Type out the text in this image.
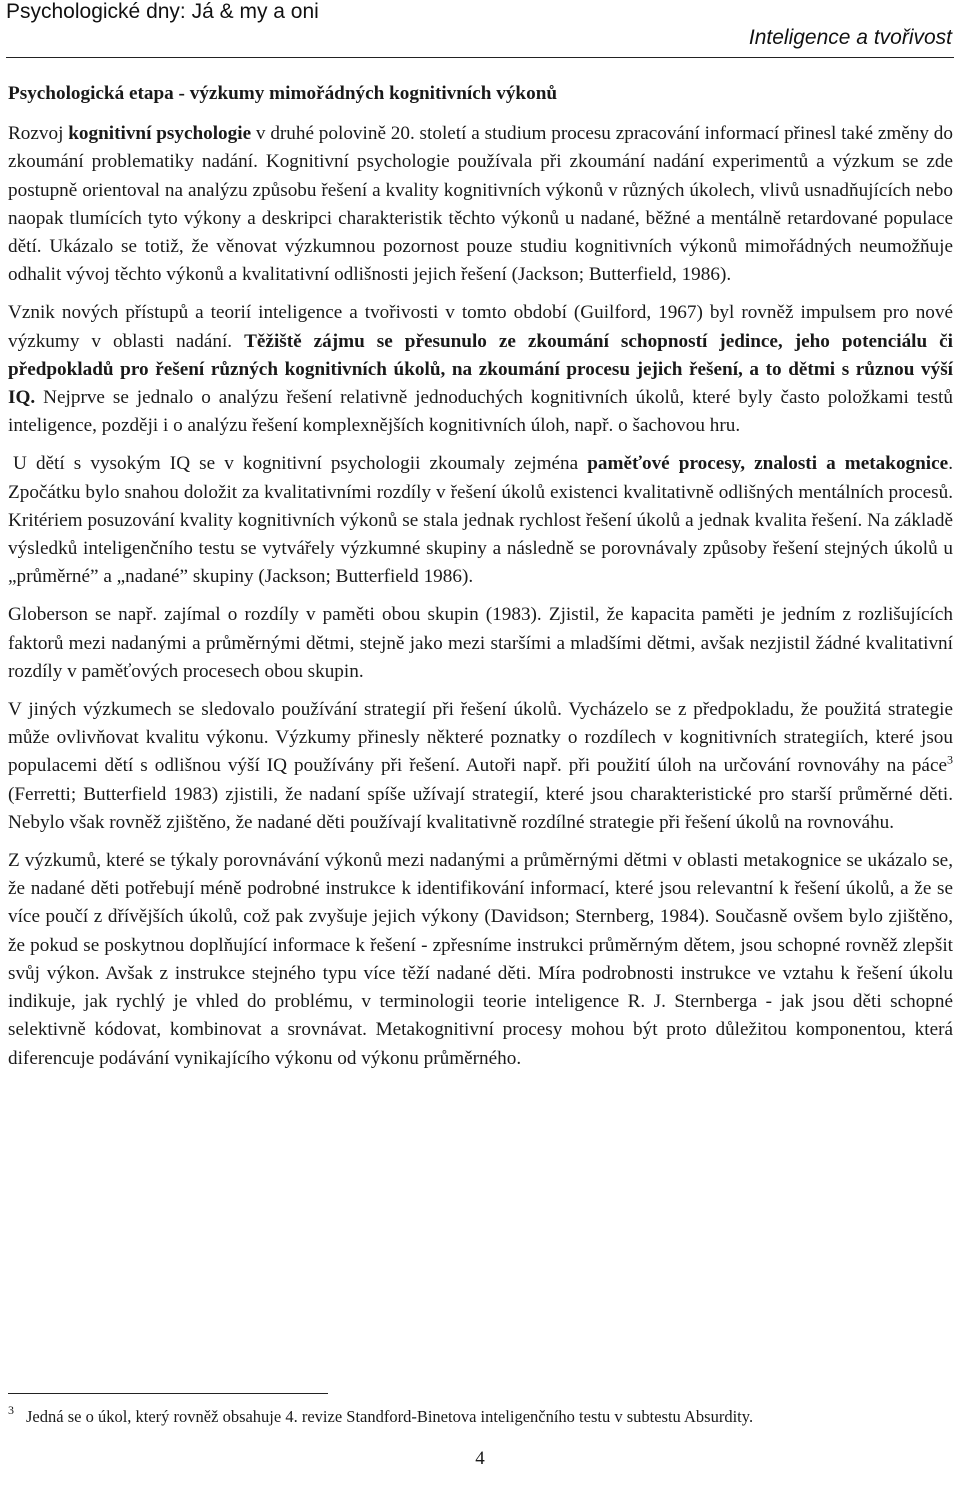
Psychologické dny: Já & my a oni
Inteligence a tvořivost
Psychologická etapa - výzkumy mimořádných kognitivních výkonů

Rozvoj kognitivní psychologie v druhé polovině 20. století a studium procesu zpracování informací přinesl také změny do zkoumání problematiky nadání. Kognitivní psychologie používala při zkoumání nadání experimentů a výzkum se zde postupně orientoval na analýzu způsobu řešení a kvality kognitivních výkonů v různých úkolech, vlivů usnadňujících nebo naopak tlumících tyto výkony a deskripci charakteristik těchto výkonů u nadané, běžné a mentálně retardované populace dětí. Ukázalo se totiž, že věnovat výzkumnou pozornost pouze studiu kognitivních výkonů mimořádných neumožňuje odhalit vývoj těchto výkonů a kvalitativní odlišnosti jejich řešení (Jackson; Butterfield, 1986).

Vznik nových přístupů a teorií inteligence a tvořivosti v tomto období (Guilford, 1967) byl rovněž impulsem pro nové výzkumy v oblasti nadání. Těžiště zájmu se přesunulo ze zkoumání schopností jedince, jeho potenciálu či předpokladů pro řešení různých kognitivních úkolů, na zkoumání procesu jejich řešení, a to dětmi s různou výší IQ. Nejprve se jednalo o analýzu řešení relativně jednoduchých kognitivních úkolů, které byly často položkami testů inteligence, později i o analýzu řešení komplexnějších kognitivních úloh, např. o šachovou hru.

U dětí s vysokým IQ se v kognitivní psychologii zkoumaly zejména paměťové procesy, znalosti a metakognice. Zpočátku bylo snahou doložit za kvalitativními rozdíly v řešení úkolů existenci kvalitativně odlišných mentálních procesů. Kritériem posuzování kvality kognitivních výkonů se stala jednak rychlost řešení úkolů a jednak kvalita řešení. Na základě výsledků inteligenčního testu se vytvářely výzkumné skupiny a následně se porovnávaly způsoby řešení stejných úkolů u „průměrné” a „nadané” skupiny (Jackson; Butterfield 1986).

Globerson se např. zajímal o rozdíly v paměti obou skupin (1983). Zjistil, že kapacita paměti je jedním z rozlišujících faktorů mezi nadanými a průměrnými dětmi, stejně jako mezi staršími a mladšími dětmi, avšak nezjistil žádné kvalitativní rozdíly v paměťových procesech obou skupin.

V jiných výzkumech se sledovalo používání strategií při řešení úkolů. Vycházelo se z předpokladu, že použitá strategie může ovlivňovat kvalitu výkonu. Výzkumy přinesly některé poznatky o rozdílech v kognitivních strategiích, které jsou populacemi dětí s odlišnou výší IQ používány při řešení. Autoři např. při použití úloh na určování rovnováhy na páce$^3$ (Ferretti; Butterfield 1983) zjistili, že nadaní spíše užívají strategií, které jsou charakteristické pro starší průměrné děti. Nebylo však rovněž zjištěno, že nadané děti používají kvalitativně rozdílné strategie při řešení úkolů na rovnováhu.

Z výzkumů, které se týkaly porovnávání výkonů mezi nadanými a průměrnými dětmi v oblasti metakognice se ukázalo se, že nadané děti potřebují méně podrobné instrukce k identifikování informací, které jsou relevantní k řešení úkolů, a že se více poučí z dřívějších úkolů, což pak zvyšuje jejich výkony (Davidson; Sternberg, 1984). Současně ovšem bylo zjištěno, že pokud se poskytnou doplňující informace k řešení - zpřesníme instrukci průměrným dětem, jsou schopné rovněž zlepšit svůj výkon. Avšak z instrukce stejného typu více těží nadané děti. Míra podrobnosti instrukce ve vztahu k řešení úkolu indikuje, jak rychlý je vhled do problému, v terminologii teorie inteligence R. J. Sternberga - jak jsou děti schopné selektivně kódovat, kombinovat a srovnávat. Metakognitivní procesy mohou být proto důležitou komponentou, která diferencuje podávání vynikajícího výkonu od výkonu průměrného.

$^3$ Jedná se o úkol, který rovněž obsahuje 4. revize Standford-Binetova inteligenčního testu v subtestu Absurdity.
4
